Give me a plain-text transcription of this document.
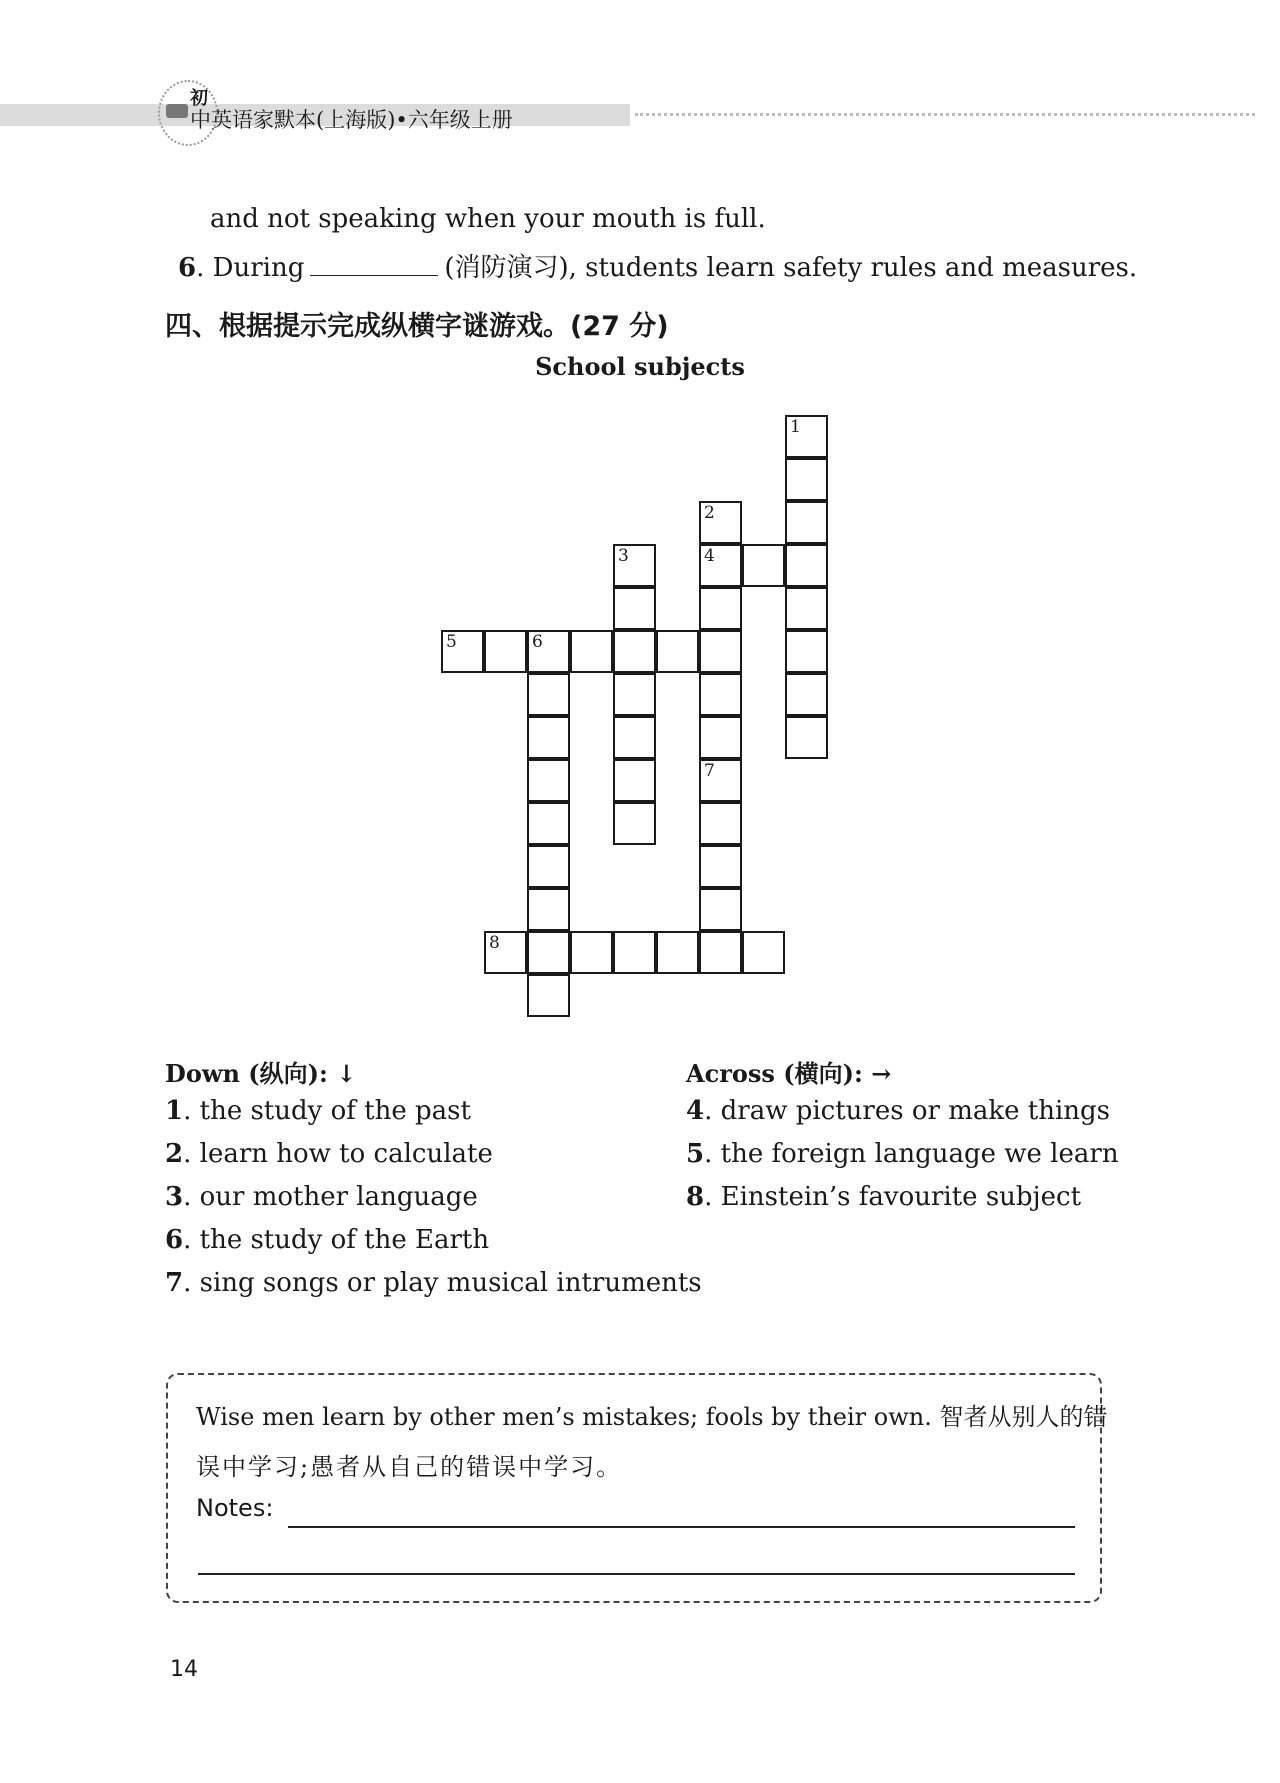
初
中英语家默本(上海版)•六年级上册
and not speaking when your mouth is full.
6. During	(消防演习), students learn safety rules and measures.
四、根据提示完成纵横字谜游戏。(27 分)
School subjects
1
2
4
3
5	6
7
8
Down (纵向): ↓
1. the study of the past
2. learn how to calculate
3. our mother language
6. the study of the Earth
7. sing songs or play musical intruments
Across (横向): →
4. draw pictures or make things
5. the foreign language we learn
8. Einstein’s favourite subject
Wise men learn by other men’s mistakes; fools by their own. 智者从别人的错
误中学习;愚者从自己的错误中学习。
Notes:
14
